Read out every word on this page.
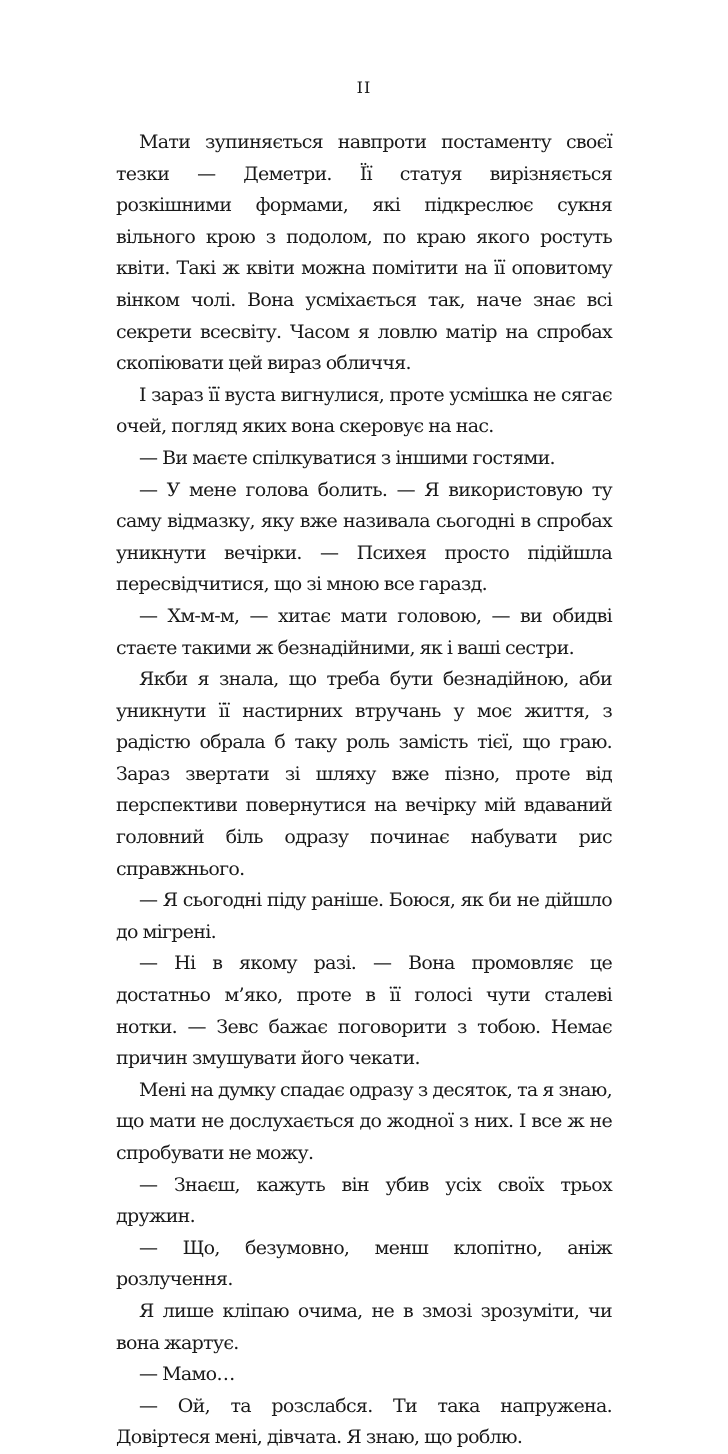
II

Мати зупиняється навпроти постаменту своєї тезки — Деметри. Її статуя вирізняється розкішними формами, які підкреслює сукня вільного крою з подолом, по краю якого ростуть квіти. Такі ж квіти можна помітити на її оповитому вінком чолі. Вона усміхається так, наче знає всі секрети всесвіту. Часом я ловлю матір на спробах скопіювати цей вираз обличчя.

І зараз її вуста вигнулися, проте усмішка не сягає очей, погляд яких вона скеровує на нас.

— Ви маєте спілкуватися з іншими гостями.

— У мене голова болить. — Я використовую ту саму відмазку, яку вже називала сьогодні в спробах уникнути вечірки. — Психея просто підійшла пересвідчитися, що зі мною все гаразд.

— Хм-м-м, — хитає мати головою, — ви обидві стаєте такими ж безнадійними, як і ваші сестри.

Якби я знала, що треба бути безнадійною, аби уникнути її настирних втручань у моє життя, з радістю обрала б таку роль замість тієї, що граю. Зараз звертати зі шляху вже пізно, проте від перспективи повернутися на вечірку мій вдаваний головний біль одразу починає набувати рис справжнього.

— Я сьогодні піду раніше. Боюся, як би не дійшло до мігрені.

— Ні в якому разі. — Вона промовляє це достатньо м’яко, проте в її голосі чути сталеві нотки. — Зевс бажає поговорити з тобою. Немає причин змушувати його чекати.

Мені на думку спадає одразу з десяток, та я знаю, що мати не дослухається до жодної з них. І все ж не спробувати не можу.

— Знаєш, кажуть він убив усіх своїх трьох дружин.

— Що, безумовно, менш клопітно, аніж розлучення.

Я лише кліпаю очима, не в змозі зрозуміти, чи вона жартує.

— Мамо…

— Ой, та розслабся. Ти така напружена. Довіртеся мені, дівчата. Я знаю, що роблю.
